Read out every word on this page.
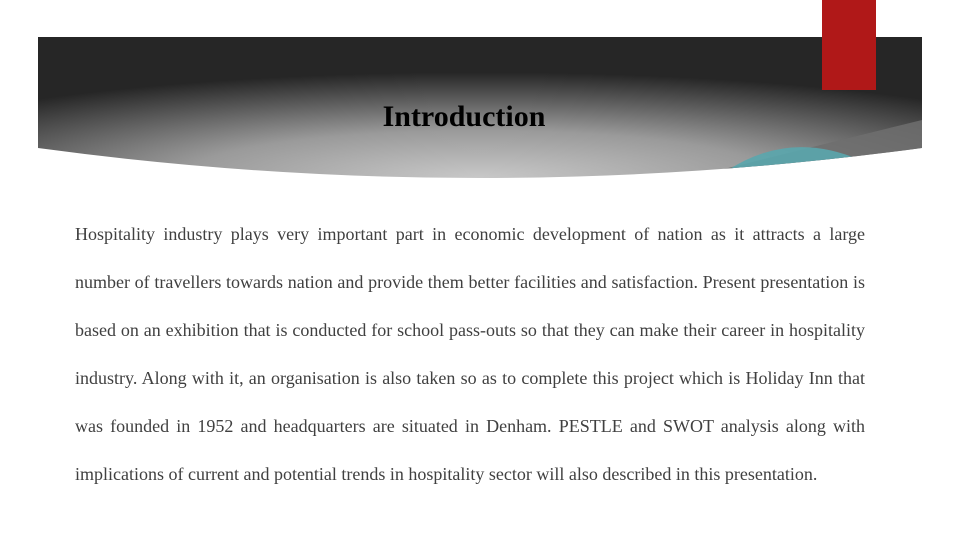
Introduction

Hospitality industry plays very important part in economic development of nation as it attracts a large number of travellers towards nation and provide them better facilities and satisfaction. Present presentation is based on an exhibition that is conducted for school pass-outs so that they can make their career in hospitality industry. Along with it, an organisation is also taken so as to complete this project which is Holiday Inn that was founded in 1952 and headquarters are situated in Denham. PESTLE and SWOT analysis along with implications of current and potential trends in hospitality sector will also described in this presentation.
